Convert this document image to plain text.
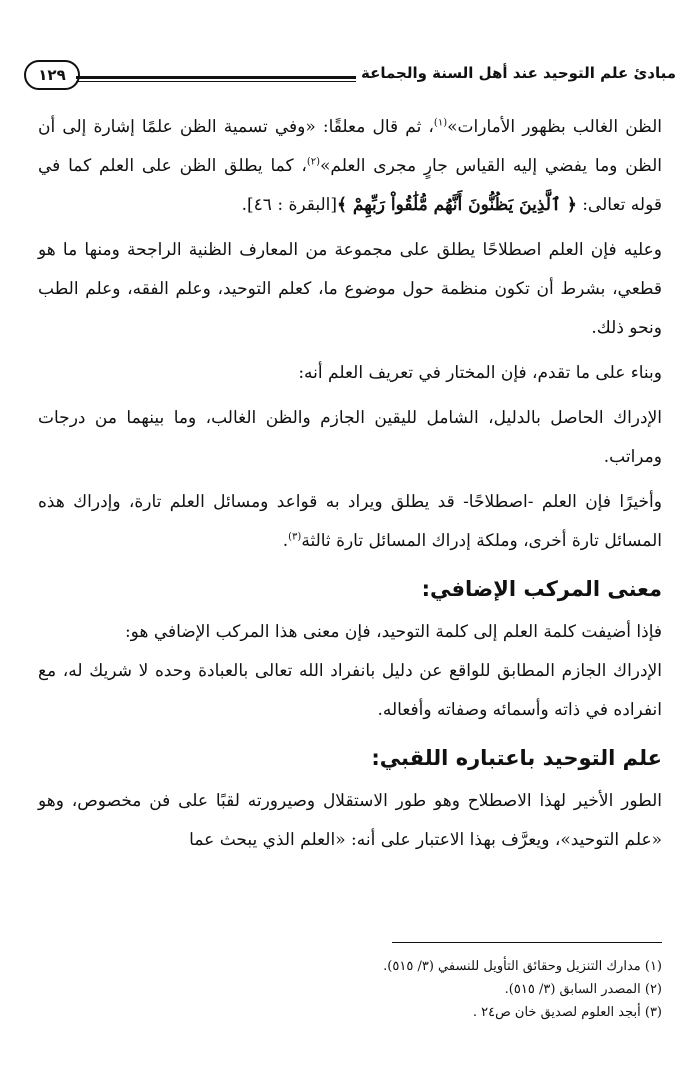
مبادئ علم التوحيد عند أهل السنة والجماعة
١٢٩

الظن الغالب بظهور الأمارات»$^{(١)}$، ثم قال معلقًا: «وفي تسمية الظن علمًا إشارة إلى أن الظن وما يفضي إليه القياس جارٍ مجرى العلم»$^{(٢)}$، كما يطلق الظن على العلم كما في قوله تعالى: ﴿ ٱلَّذِينَ يَظُنُّونَ أَنَّهُم مُّلَٰقُواْ رَبِّهِمْ ﴾[البقرة : ٤٦].

وعليه فإن العلم اصطلاحًا يطلق على مجموعة من المعارف الظنية الراجحة ومنها ما هو قطعي، بشرط أن تكون منظمة حول موضوع ما، كعلم التوحيد، وعلم الفقه، وعلم الطب ونحو ذلك.

وبناء على ما تقدم، فإن المختار في تعريف العلم أنه:

الإدراك الحاصل بالدليل، الشامل لليقين الجازم والظن الغالب، وما بينهما من درجات ومراتب.

وأخيرًا فإن العلم -اصطلاحًا- قد يطلق ويراد به قواعد ومسائل العلم تارة، وإدراك هذه المسائل تارة أخرى، وملكة إدراك المسائل تارة ثالثة$^{(٣)}$.

معنى المركب الإضافي:

فإذا أضيفت كلمة العلم إلى كلمة التوحيد، فإن معنى هذا المركب الإضافي هو:

الإدراك الجازم المطابق للواقع عن دليل بانفراد الله تعالى بالعبادة وحده لا شريك له، مع انفراده في ذاته وأسمائه وصفاته وأفعاله.

علم التوحيد باعتباره اللقبي:

الطور الأخير لهذا الاصطلاح وهو طور الاستقلال وصيرورته لقبًا على فن مخصوص، وهو «علم التوحيد»، ويعرَّف بهذا الاعتبار على أنه: «العلم الذي يبحث عما

(١) مدارك التنزيل وحقائق التأويل للنسفي (٣/ ٥١٥).

(٢) المصدر السابق (٣/ ٥١٥).

(٣) أبجد العلوم لصديق خان ص٢٤ .
